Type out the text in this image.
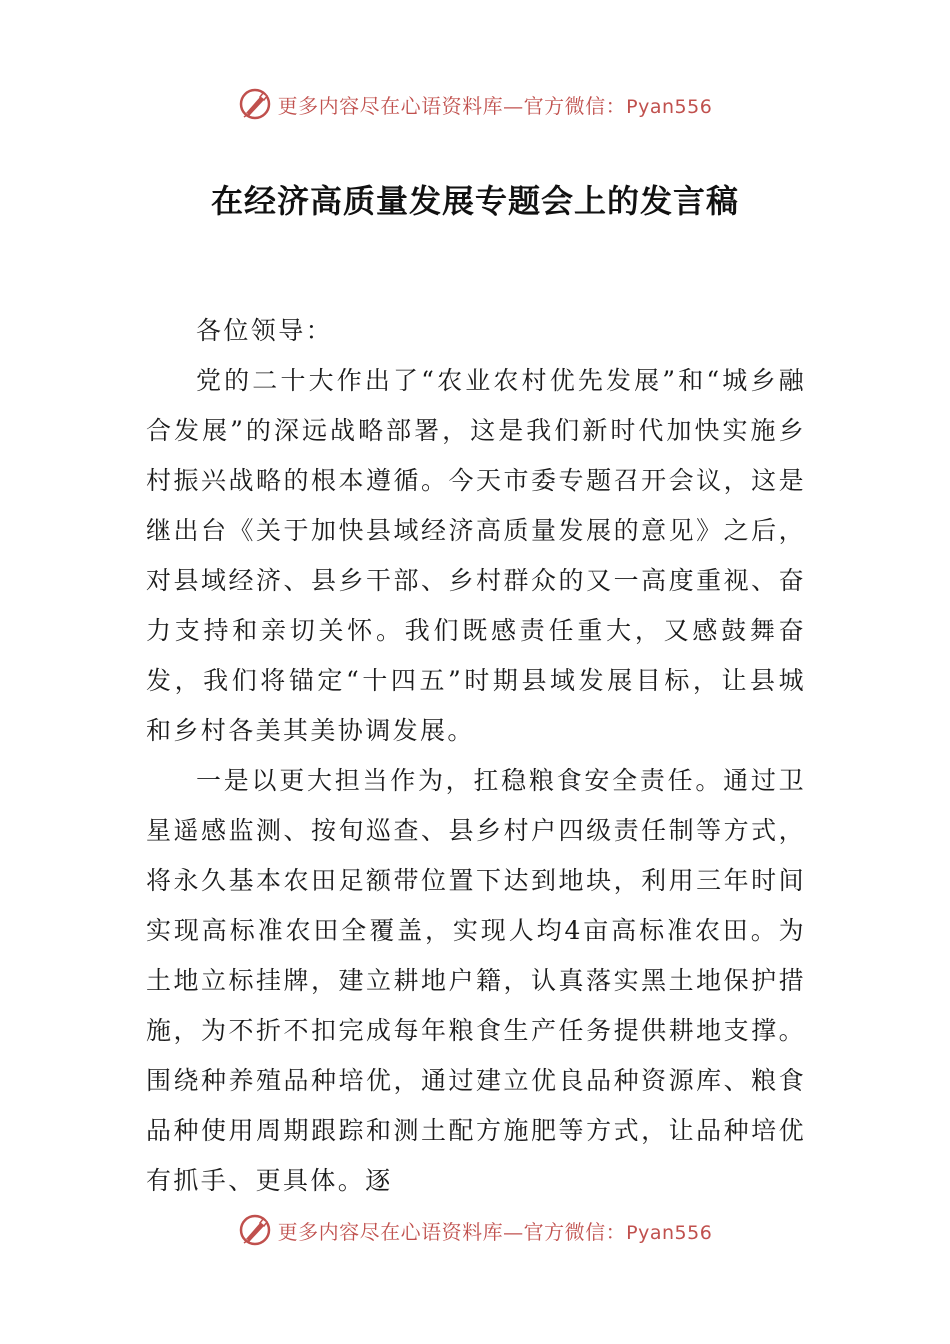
更多内容尽在心语资料库—官方微信：Pyan556
在经济高质量发展专题会上的发言稿

各位领导：

党的二十大作出了“农业农村优先发展”和“城乡融合发展”的深远战略部署，这是我们新时代加快实施乡村振兴战略的根本遵循。今天市委专题召开会议，这是继出台《关于加快县域经济高质量发展的意见》之后，对县域经济、县乡干部、乡村群众的又一高度重视、奋力支持和亲切关怀。我们既感责任重大，又感鼓舞奋发，我们将锚定“十四五”时期县域发展目标，让县城和乡村各美其美协调发展。

一是以更大担当作为，扛稳粮食安全责任。通过卫星遥感监测、按旬巡查、县乡村户四级责任制等方式，将永久基本农田足额带位置下达到地块，利用三年时间实现高标准农田全覆盖，实现人均4亩高标准农田。为土地立标挂牌，建立耕地户籍，认真落实黑土地保护措施，为不折不扣完成每年粮食生产任务提供耕地支撑。围绕种养殖品种培优，通过建立优良品种资源库、粮食品种使用周期跟踪和测土配方施肥等方式，让品种培优有抓手、更具体。逐

更多内容尽在心语资料库—官方微信：Pyan556
